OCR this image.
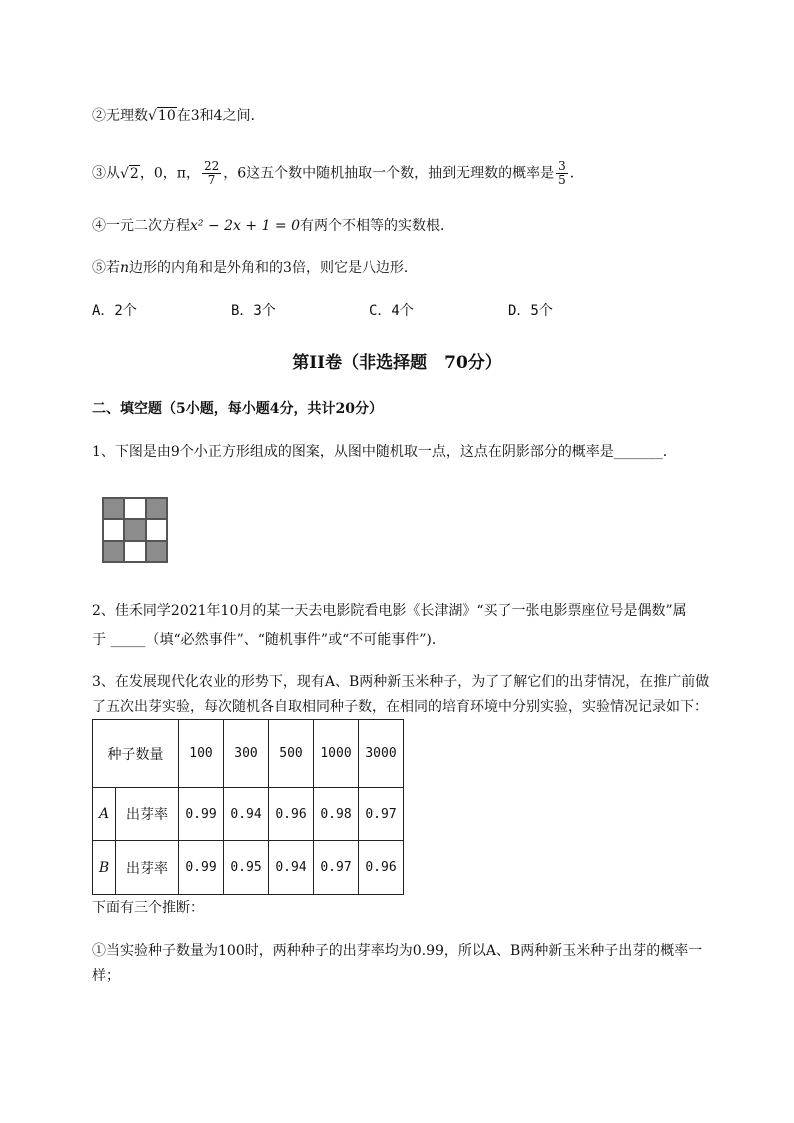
②无理数√10在3和4之间．
③从√2，0，π， $\frac{22}{7}$ ，6这五个数中随机抽取一个数，抽到无理数的概率是 $\frac{3}{5}$ ．
④一元二次方程x² − 2x + 1 = 0有两个不相等的实数根．
⑤若n边形的内角和是外角和的3倍，则它是八边形．
A．2个	B．3个	C．4个	D．5个
第II卷（非选择题　70分）
二、填空题（5小题，每小题4分，共计20分）
1、下图是由9个小正方形组成的图案，从图中随机取一点，这点在阴影部分的概率是_______．
2、佳禾同学2021年10月的某一天去电影院看电影《长津湖》“买了一张电影票座位号是偶数”属
于 _____（填“必然事件”、“随机事件”或“不可能事件”)．
3、在发展现代化农业的形势下，现有A、B两种新玉米种子，为了了解它们的出芽情况，在推广前做
了五次出芽实验，每次随机各自取相同种子数，在相同的培育环境中分别实验，实验情况记录如下：
种子数量		100	300	500	1000	3000
A	出芽率	0.99	0.94	0.96	0.98	0.97
B	出芽率	0.99	0.95	0.94	0.97	0.96
下面有三个推断：
①当实验种子数量为100时，两种种子的出芽率均为0.99，所以A、B两种新玉米种子出芽的概率一
样；
